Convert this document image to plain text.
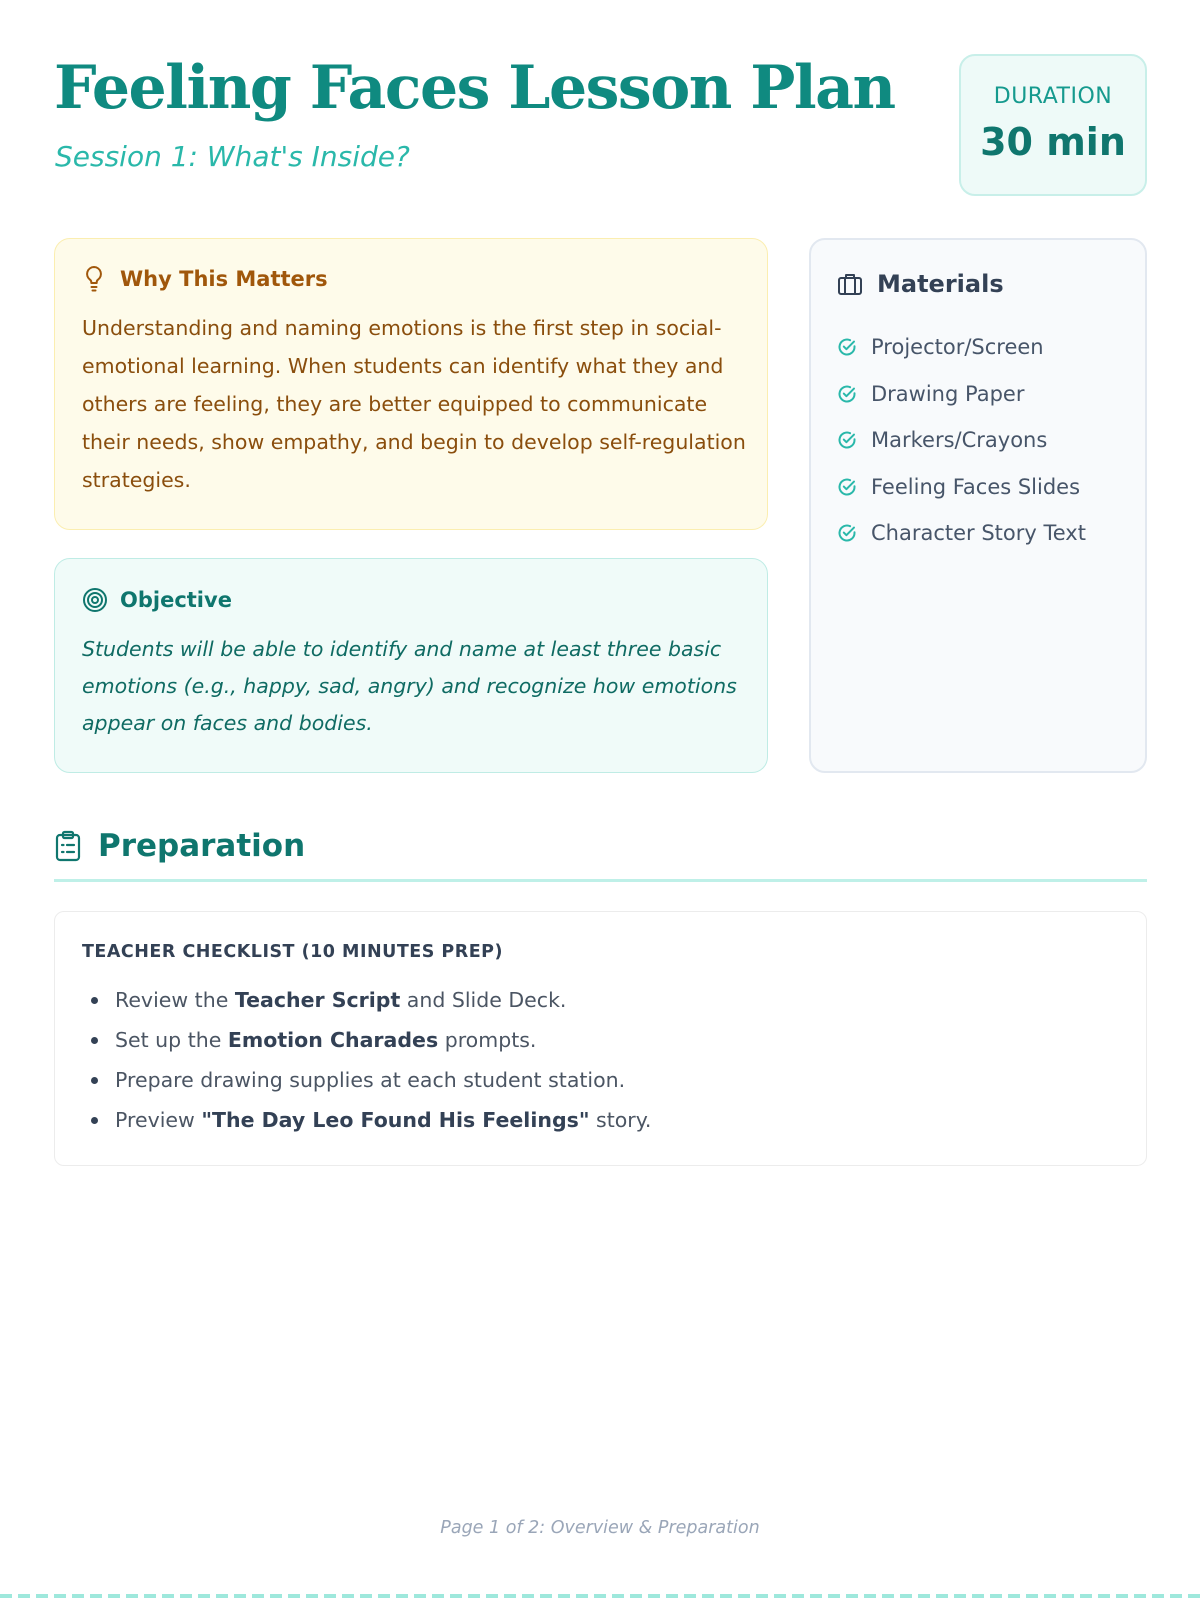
Feeling Faces Lesson Plan
Session 1: What's Inside?
DURATION
30 min
Why This Matters

Understanding and naming emotions is the first step in social-emotional learning. When students can identify what they and others are feeling, they are better equipped to communicate their needs, show empathy, and begin to develop self-regulation strategies.

Objective

Students will be able to identify and name at least three basic emotions (e.g., happy, sad, angry) and recognize how emotions appear on faces and bodies.

Materials
Projector/Screen
Drawing Paper
Markers/Crayons
Feeling Faces Slides
Character Story Text
Preparation
TEACHER CHECKLIST (10 MINUTES PREP)
Review the Teacher Script and Slide Deck.
Set up the Emotion Charades prompts.
Prepare drawing supplies at each student station.
Preview "The Day Leo Found His Feelings" story.
Page 1 of 2: Overview & Preparation
